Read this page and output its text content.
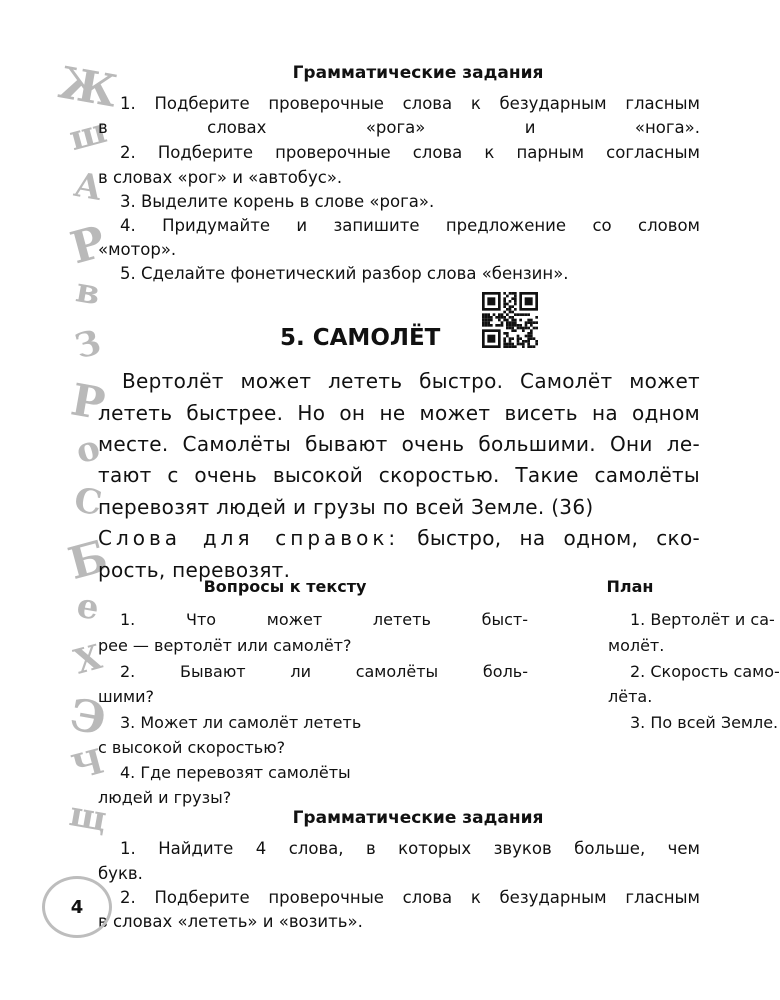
Ж
ш
А
Р
в
З
Р
о
С
Б
е
Х
Э
Ч
щ
Грамматические задания
1. Подберите проверочные слова к безударным гласным
в словах «рога» и «нога».
2. Подберите проверочные слова к парным согласным
в словах «рог» и «автобус».
3. Выделите корень в слове «рога».
4. Придумайте и запишите предложение со словом
«мотор».
5. Сделайте фонетический разбор слова «бензин».
5. САМОЛЁТ
Вертолёт может лететь быстро. Самолёт может
лететь быстрее. Но он не может висеть на одном
месте. Самолёты бывают очень большими. Они ле-
тают с очень высокой скоростью. Такие самолёты
перевозят людей и грузы по всей Земле. (36)
Слова для справок: быстро, на одном, ско-
рость, перевозят.
Вопросы к тексту	План
1. Что может лететь быст-
рее — вертолёт или самолёт?
2. Бывают ли самолёты боль-
шими?
3. Может ли самолёт лететь
с высокой скоростью?
4. Где перевозят самолёты
людей и грузы?
1. Вертолёт и са-
молёт.
2. Скорость само-
лёта.
3. По всей Земле.
Грамматические задания
1. Найдите 4 слова, в которых звуков больше, чем
букв.
2. Подберите проверочные слова к безударным гласным
в словах «лететь» и «возить».
4
